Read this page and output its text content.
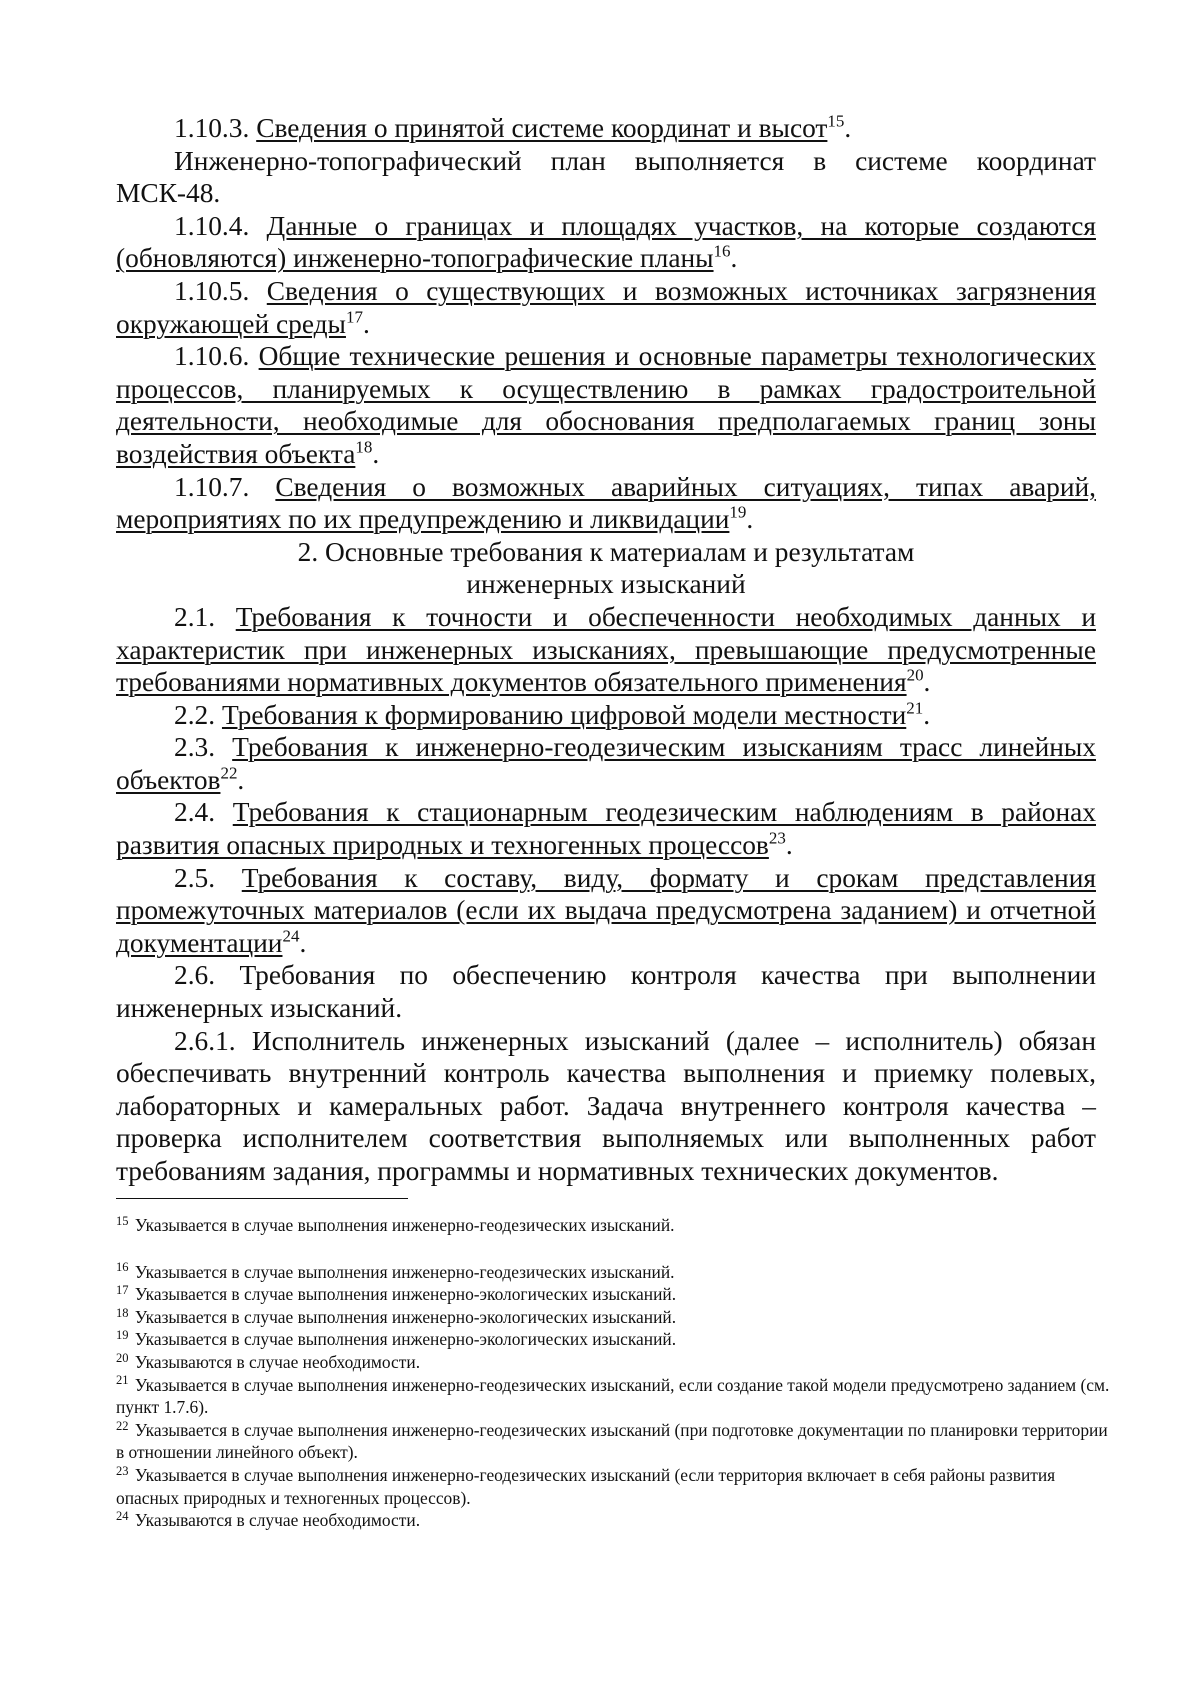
1.10.3. Сведения о принятой системе координат и высот$^{15}$.

Инженерно-топографический план выполняется в системе координат МСК-48.

1.10.4. Данные о границах и площадях участков, на которые создаются (обновляются) инженерно-топографические планы$^{16}$.

1.10.5. Сведения о существующих и возможных источниках загрязнения окружающей среды$^{17}$.

1.10.6. Общие технические решения и основные параметры технологических процессов, планируемых к осуществлению в рамках градостроительной деятельности, необходимые для обоснования предполагаемых границ зоны воздействия объекта$^{18}$.

1.10.7. Сведения о возможных аварийных ситуациях, типах аварий, мероприятиях по их предупреждению и ликвидации$^{19}$.

2. Основные требования к материалам и результатам
инженерных изысканий

2.1. Требования к точности и обеспеченности необходимых данных и характеристик при инженерных изысканиях, превышающие предусмотренные требованиями нормативных документов обязательного применения$^{20}$.

2.2. Требования к формированию цифровой модели местности$^{21}$.

2.3. Требования к инженерно-геодезическим изысканиям трасс линейных объектов$^{22}$.

2.4. Требования к стационарным геодезическим наблюдениям в районах развития опасных природных и техногенных процессов$^{23}$.

2.5. Требования к составу, виду, формату и срокам представления промежуточных материалов (если их выдача предусмотрена заданием) и отчетной документации$^{24}$.

2.6. Требования по обеспечению контроля качества при выполнении инженерных изысканий.

2.6.1. Исполнитель инженерных изысканий (далее – исполнитель) обязан обеспечивать внутренний контроль качества выполнения и приемку полевых, лабораторных и камеральных работ. Задача внутреннего контроля качества – проверка исполнителем соответствия выполняемых или выполненных работ требованиям задания, программы и нормативных технических документов.

$^{15}$ Указывается в случае выполнения инженерно-геодезических изысканий.

$^{16}$ Указывается в случае выполнения инженерно-геодезических изысканий.

$^{17}$ Указывается в случае выполнения инженерно-экологических изысканий.

$^{18}$ Указывается в случае выполнения инженерно-экологических изысканий.

$^{19}$ Указывается в случае выполнения инженерно-экологических изысканий.

$^{20}$ Указываются в случае необходимости.

$^{21}$ Указывается в случае выполнения инженерно-геодезических изысканий, если создание такой модели предусмотрено заданием (см. пункт 1.7.6).

$^{22}$ Указывается в случае выполнения инженерно-геодезических изысканий (при подготовке документации по планировки территории в отношении линейного объект).

$^{23}$ Указывается в случае выполнения инженерно-геодезических изысканий (если территория включает в себя районы развития опасных природных и техногенных процессов).

$^{24}$ Указываются в случае необходимости.
